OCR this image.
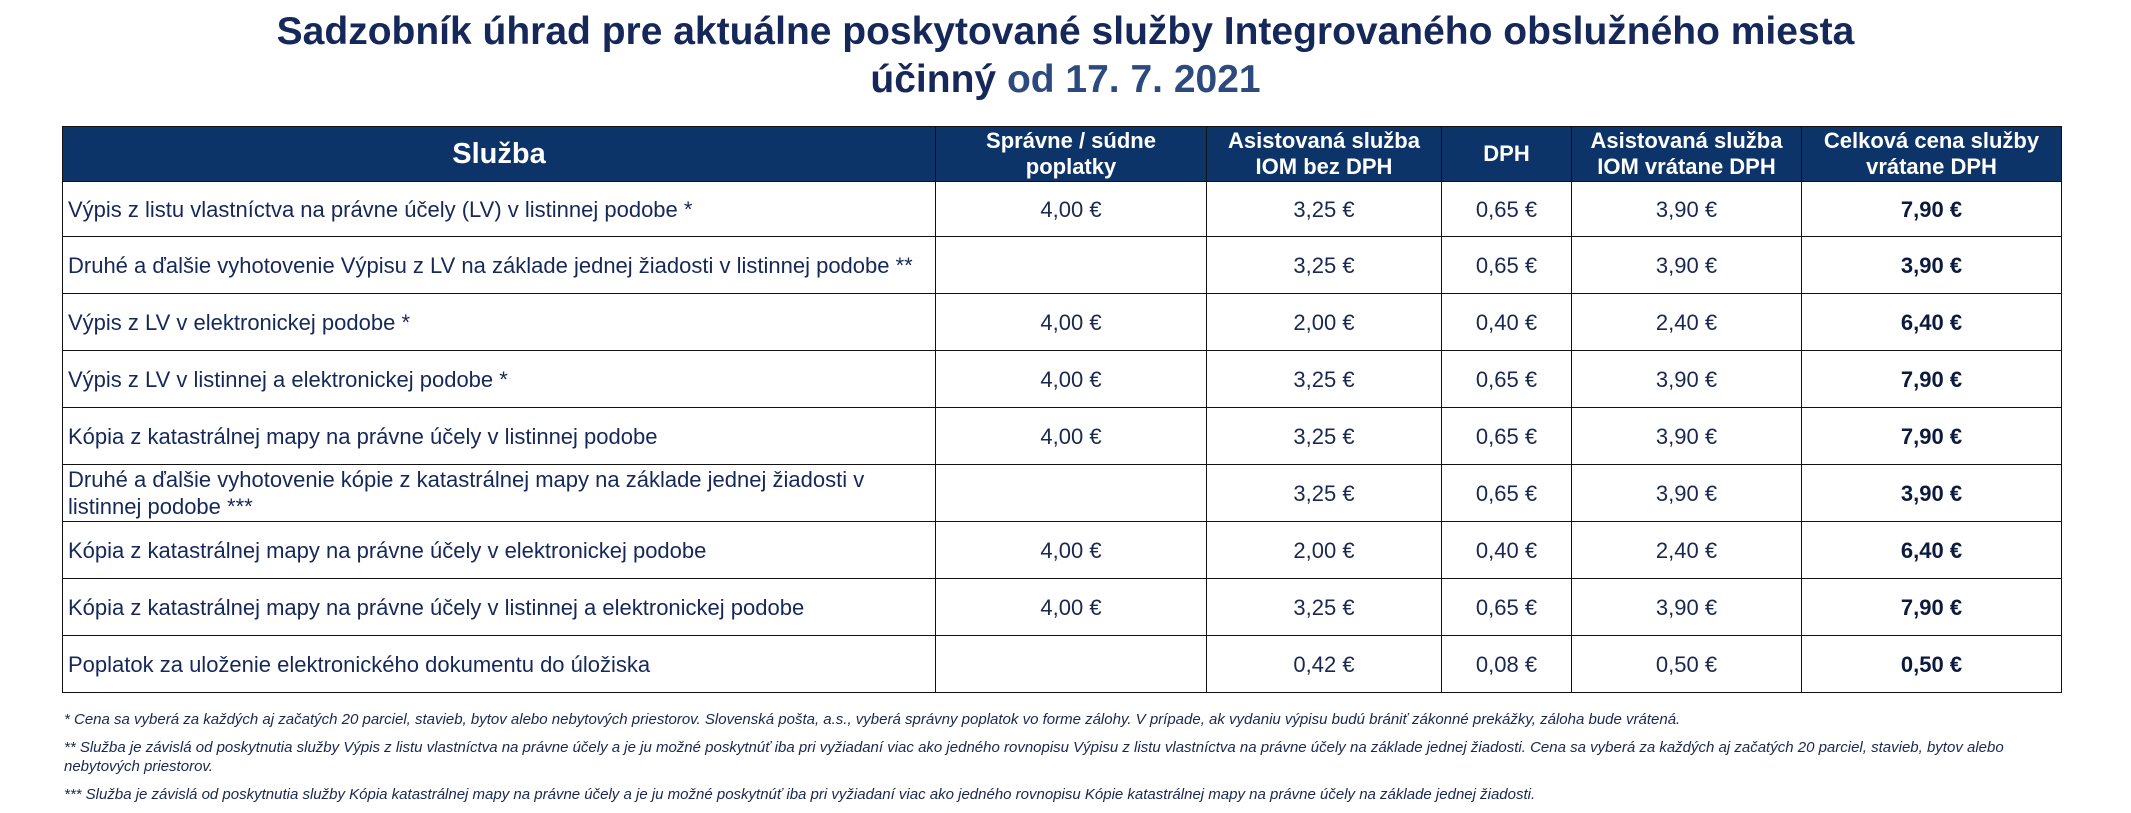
Sadzobník úhrad pre aktuálne poskytované služby Integrovaného obslužného miesta
účinný od 17. 7. 2021
Služba	Správne / súdne poplatky	Asistovaná služba IOM bez DPH	DPH	Asistovaná služba IOM vrátane DPH	Celková cena služby vrátane DPH
Výpis z listu vlastníctva na právne účely (LV) v listinnej podobe *	4,00 €	3,25 €	0,65 €	3,90 €	7,90 €
Druhé a ďalšie vyhotovenie Výpisu z LV na základe jednej žiadosti v listinnej podobe **		3,25 €	0,65 €	3,90 €	3,90 €
Výpis z LV v elektronickej podobe *	4,00 €	2,00 €	0,40 €	2,40 €	6,40 €
Výpis z LV v listinnej a elektronickej podobe *	4,00 €	3,25 €	0,65 €	3,90 €	7,90 €
Kópia z katastrálnej mapy na právne účely v listinnej podobe	4,00 €	3,25 €	0,65 €	3,90 €	7,90 €
Druhé a ďalšie vyhotovenie kópie z katastrálnej mapy na základe jednej žiadosti v listinnej podobe ***		3,25 €	0,65 €	3,90 €	3,90 €
Kópia z katastrálnej mapy na právne účely v elektronickej podobe	4,00 €	2,00 €	0,40 €	2,40 €	6,40 €
Kópia z katastrálnej mapy na právne účely v listinnej a elektronickej podobe	4,00 €	3,25 €	0,65 €	3,90 €	7,90 €
Poplatok za uloženie elektronického dokumentu do úložiska		0,42 €	0,08 €	0,50 €	0,50 €

* Cena sa vyberá za každých aj začatých 20 parciel, stavieb, bytov alebo nebytových priestorov. Slovenská pošta, a.s., vyberá správny poplatok vo forme zálohy. V prípade, ak vydaniu výpisu budú brániť zákonné prekážky, záloha bude vrátená.

** Služba je závislá od poskytnutia služby Výpis z listu vlastníctva na právne účely a je ju možné poskytnúť iba pri vyžiadaní viac ako jedného rovnopisu Výpisu z listu vlastníctva na právne účely na základe jednej žiadosti. Cena sa vyberá za každých aj začatých 20 parciel, stavieb, bytov alebo nebytových priestorov.

*** Služba je závislá od poskytnutia služby Kópia katastrálnej mapy na právne účely a je ju možné poskytnúť iba pri vyžiadaní viac ako jedného rovnopisu Kópie katastrálnej mapy na právne účely na základe jednej žiadosti.
